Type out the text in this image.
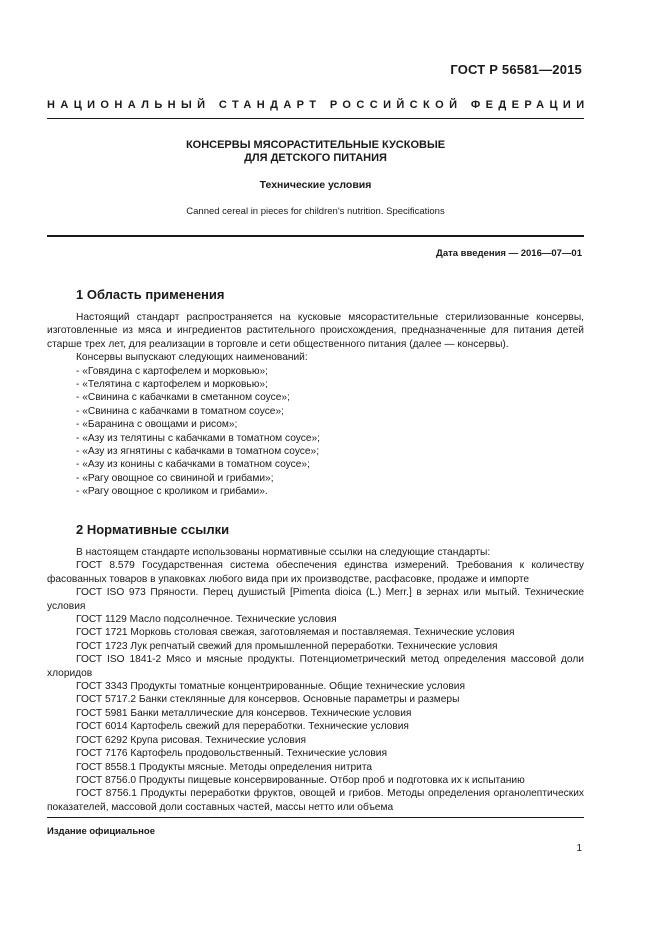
ГОСТ Р 56581—2015
НАЦИОНАЛЬНЫЙ СТАНДАРТ РОССИЙСКОЙ ФЕДЕРАЦИИ
КОНСЕРВЫ МЯСОРАСТИТЕЛЬНЫЕ КУСКОВЫЕ
ДЛЯ ДЕТСКОГО ПИТАНИЯ
Технические условия
Canned cereal in pieces for children's nutrition. Specifications
Дата введения — 2016—07—01
1 Область применения

Настоящий стандарт распространяется на кусковые мясорастительные стерилизованные консервы, изготовленные из мяса и ингредиентов растительного происхождения, предназначенные для питания детей старше трех лет, для реализации в торговле и сети общественного питания (далее — консервы).

Консервы выпускают следующих наименований:

- «Говядина с картофелем и морковью»;
- «Телятина с картофелем и морковью»;
- «Свинина с кабачками в сметанном соусе»;
- «Свинина с кабачками в томатном соусе»;
- «Баранина с овощами и рисом»;
- «Азу из телятины с кабачками в томатном соусе»;
- «Азу из ягнятины с кабачками в томатном соусе»;
- «Азу из конины с кабачками в томатном соусе»;
- «Рагу овощное со свининой и грибами»;
- «Рагу овощное с кроликом и грибами».
2 Нормативные ссылки

В настоящем стандарте использованы нормативные ссылки на следующие стандарты:

ГОСТ 8.579 Государственная система обеспечения единства измерений. Требования к количеству фасованных товаров в упаковках любого вида при их производстве, расфасовке, продаже и импорте

ГОСТ ISO 973 Пряности. Перец душистый [Pimenta dioica (L.) Merr.] в зернах или мытый. Технические условия

ГОСТ 1129 Масло подсолнечное. Технические условия

ГОСТ 1721 Морковь столовая свежая, заготовляемая и поставляемая. Технические условия

ГОСТ 1723 Лук репчатый свежий для промышленной переработки. Технические условия

ГОСТ ISO 1841-2 Мясо и мясные продукты. Потенциометрический метод определения массовой доли хлоридов

ГОСТ 3343 Продукты томатные концентрированные. Общие технические условия

ГОСТ 5717.2 Банки стеклянные для консервов. Основные параметры и размеры

ГОСТ 5981 Банки металлические для консервов. Технические условия

ГОСТ 6014 Картофель свежий для переработки. Технические условия

ГОСТ 6292 Крупа рисовая. Технические условия

ГОСТ 7176 Картофель продовольственный. Технические условия

ГОСТ 8558.1 Продукты мясные. Методы определения нитрита

ГОСТ 8756.0 Продукты пищевые консервированные. Отбор проб и подготовка их к испытанию

ГОСТ 8756.1 Продукты переработки фруктов, овощей и грибов. Методы определения органолептических показателей, массовой доли составных частей, массы нетто или объема

Издание официальное
1
